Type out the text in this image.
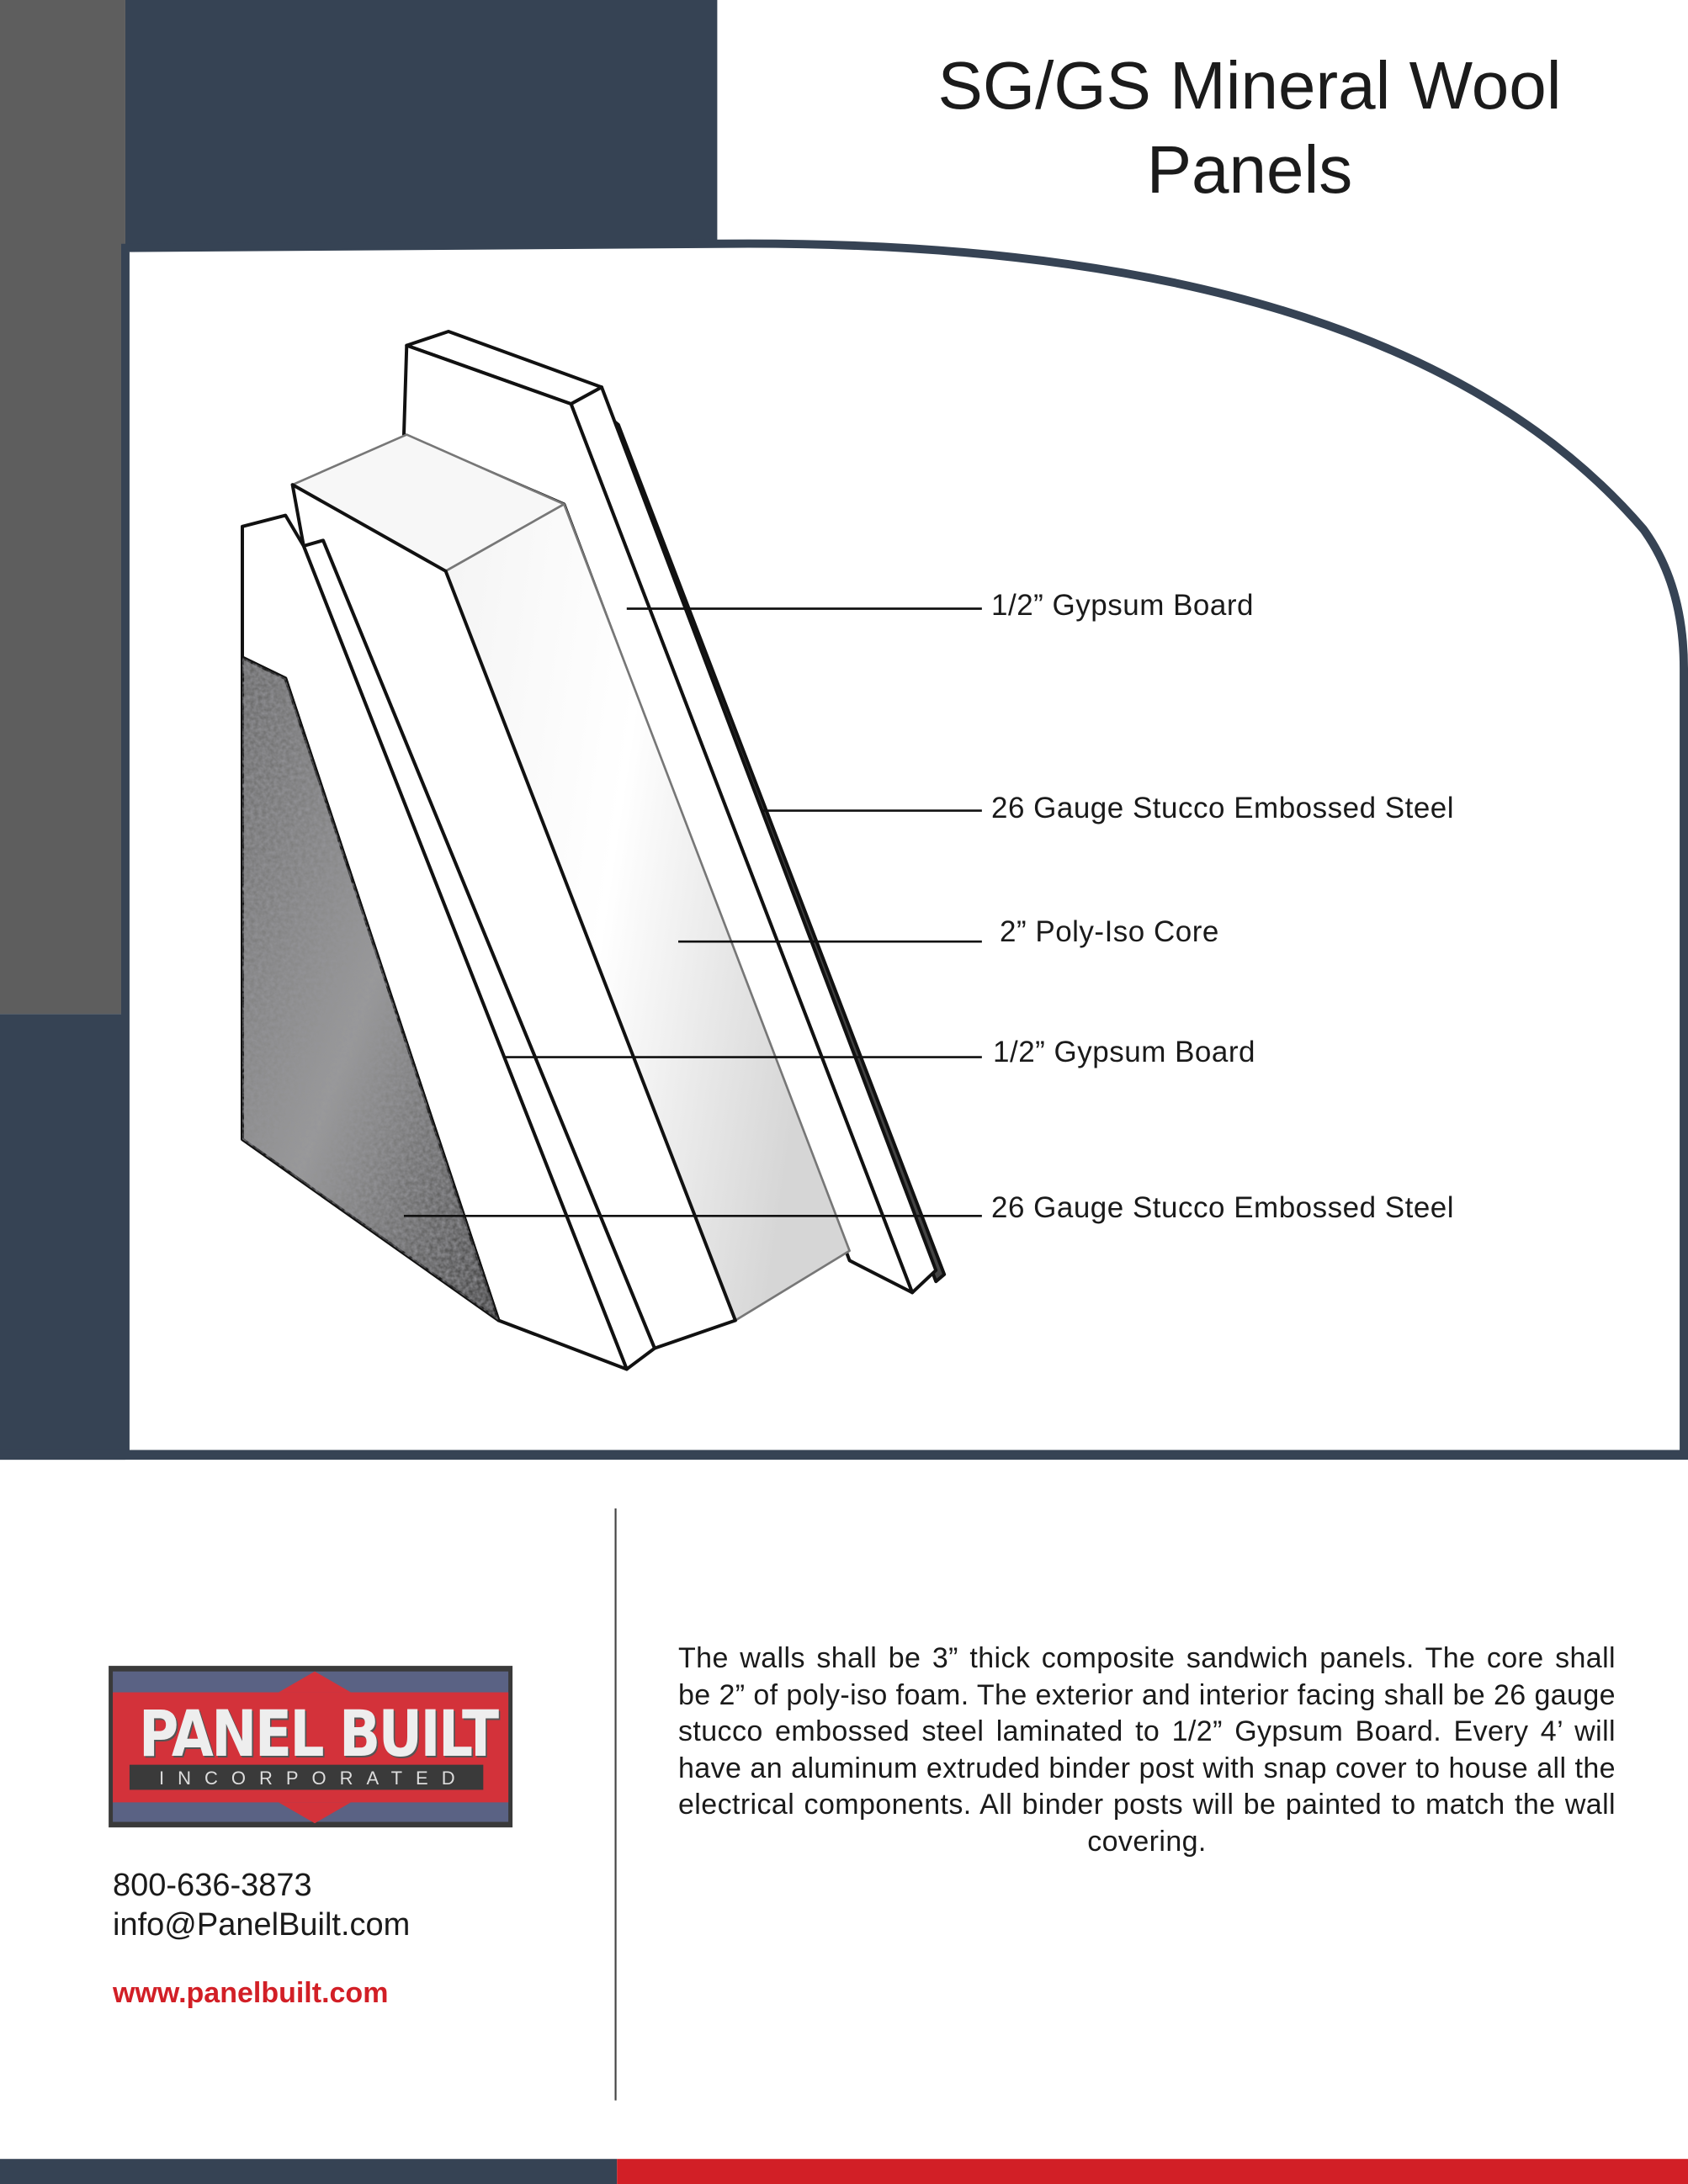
SG/GS Mineral Wool
Panels
1/2” Gypsum Board
26 Gauge Stucco Embossed Steel
2” Poly-Iso Core
1/2” Gypsum Board
26 Gauge Stucco Embossed Steel
PANEL BUILT
INCORPORATED
800-636-3873
info@PanelBuilt.com
www.panelbuilt.com
The walls shall be 3” thick composite sandwich panels. The core shall be 2” of poly-iso foam. The exterior and interior facing shall be 26 gauge stucco embossed steel laminated to 1/2” Gypsum Board. Every 4’ will have an aluminum extruded binder post with snap cover to house all the electrical components. All binder posts will be painted to match the wall covering.
